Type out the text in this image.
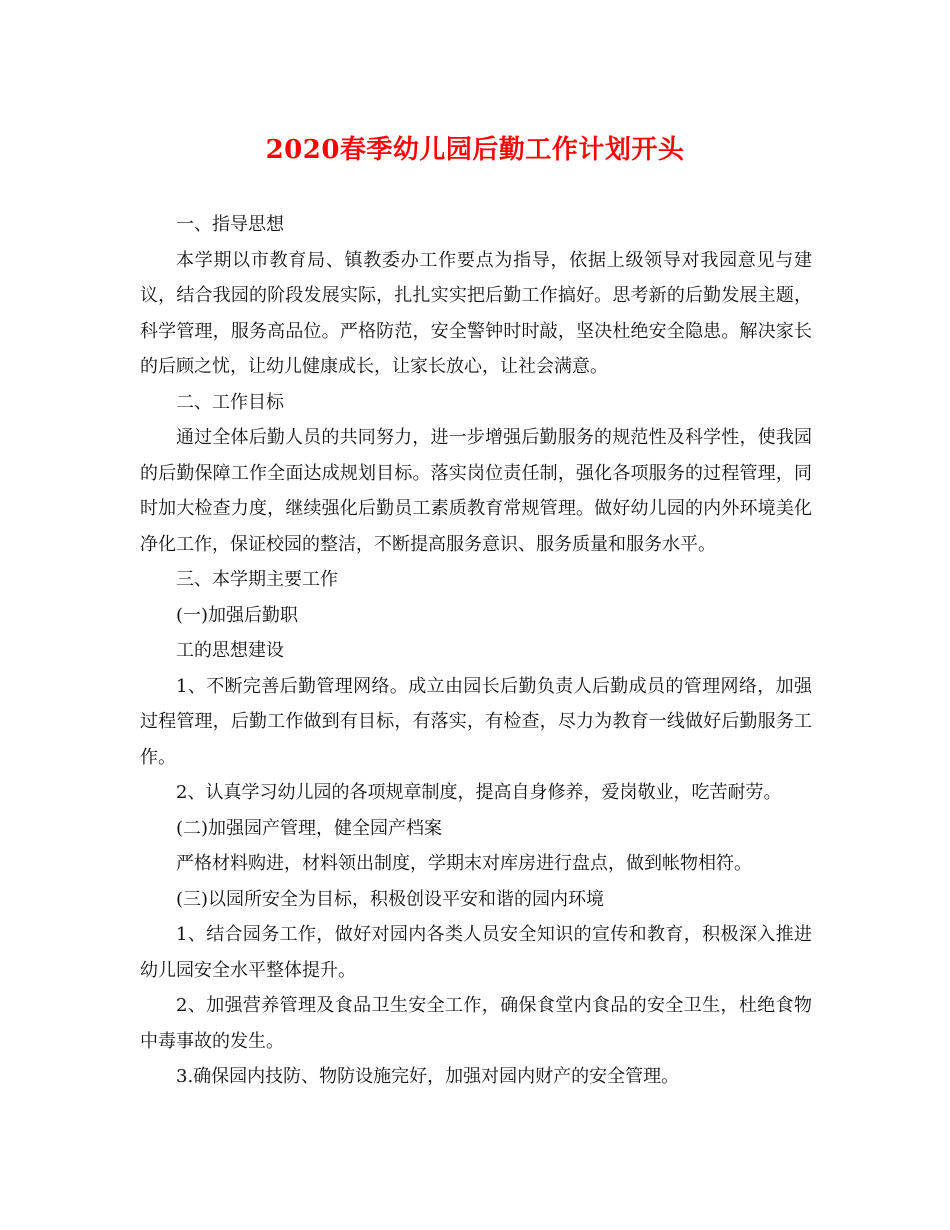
2020春季幼儿园后勤工作计划开头

一、指导思想

本学期以市教育局、镇教委办工作要点为指导，依据上级领导对我园意见与建议，结合我园的阶段发展实际，扎扎实实把后勤工作搞好。思考新的后勤发展主题，科学管理，服务高品位。严格防范，安全警钟时时敲，坚决杜绝安全隐患。解决家长的后顾之忧，让幼儿健康成长，让家长放心，让社会满意。

二、工作目标

通过全体后勤人员的共同努力，进一步增强后勤服务的规范性及科学性，使我园的后勤保障工作全面达成规划目标。落实岗位责任制，强化各项服务的过程管理，同时加大检查力度，继续强化后勤员工素质教育常规管理。做好幼儿园的内外环境美化净化工作，保证校园的整洁，不断提高服务意识、服务质量和服务水平。

三、本学期主要工作

(一)加强后勤职

工的思想建设

1、不断完善后勤管理网络。成立由园长后勤负责人后勤成员的管理网络，加强过程管理，后勤工作做到有目标，有落实，有检查，尽力为教育一线做好后勤服务工作。

2、认真学习幼儿园的各项规章制度，提高自身修养，爱岗敬业，吃苦耐劳。

(二)加强园产管理，健全园产档案

严格材料购进，材料领出制度，学期末对库房进行盘点，做到帐物相符。

(三)以园所安全为目标，积极创设平安和谐的园内环境

1、结合园务工作，做好对园内各类人员安全知识的宣传和教育，积极深入推进幼儿园安全水平整体提升。

2、加强营养管理及食品卫生安全工作，确保食堂内食品的安全卫生，杜绝食物中毒事故的发生。

3.确保园内技防、物防设施完好，加强对园内财产的安全管理。
